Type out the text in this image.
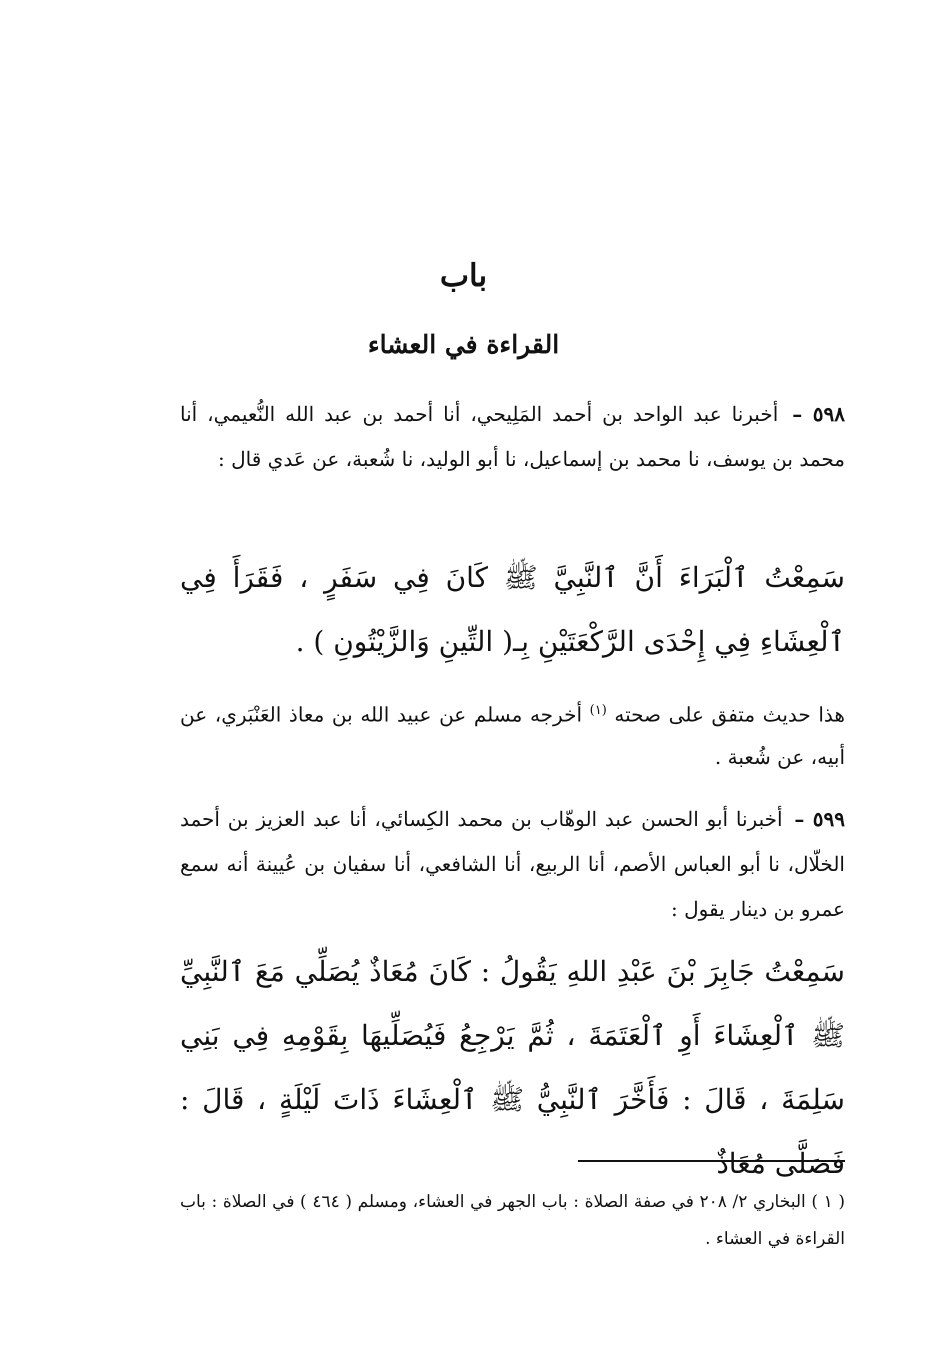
باب
القراءة في العشاء

٥٩٨ – أخبرنا عبد الواحد بن أحمد المَلِيحي، أنا أحمد بن عبد الله النُّعيمي، أنا محمد بن يوسف، نا محمد بن إسماعيل، نا أبو الوليد، نا شُعبة، عن عَدي قال :

سَمِعْتُ ٱلْبَرَاءَ أَنَّ ٱلنَّبِيَّ ﷺ كَانَ فِي سَفَرٍ ، فَقَرَأَ فِي ٱلْعِشَاءِ فِي إِحْدَى الرَّكْعَتَيْنِ بِـ( التِّينِ وَالزَّيْتُونِ ) .

هذا حديث متفق على صحته $^{(١)}$ أخرجه مسلم عن عبيد الله بن معاذ العَنْبَري، عن أبيه، عن شُعبة .

٥٩٩ – أخبرنا أبو الحسن عبد الوهّاب بن محمد الكِسائي، أنا عبد العزيز بن أحمد الخلّال، نا أبو العباس الأصم، أنا الربيع، أنا الشافعي، أنا سفيان بن عُيينة أنه سمع عمرو بن دينار يقول :

سَمِعْتُ جَابِرَ بْنَ عَبْدِ اللهِ يَقُولُ : كَانَ مُعَاذٌ يُصَلِّي مَعَ ٱلنَّبِيِّ ﷺ ٱلْعِشَاءَ أَوِ ٱلْعَتَمَةَ ، ثُمَّ يَرْجِعُ فَيُصَلِّيهَا بِقَوْمِهِ فِي بَنِي سَلِمَةَ ، قَالَ : فَأَخَّرَ ٱلنَّبِيُّ ﷺ ٱلْعِشَاءَ ذَاتَ لَيْلَةٍ ، قَالَ : فَصَلَّى مُعَاذٌ

( ١ ) البخاري ٢/ ٢٠٨ في صفة الصلاة : باب الجهر في العشاء، ومسلم ( ٤٦٤ ) في الصلاة : باب القراءة في العشاء .
